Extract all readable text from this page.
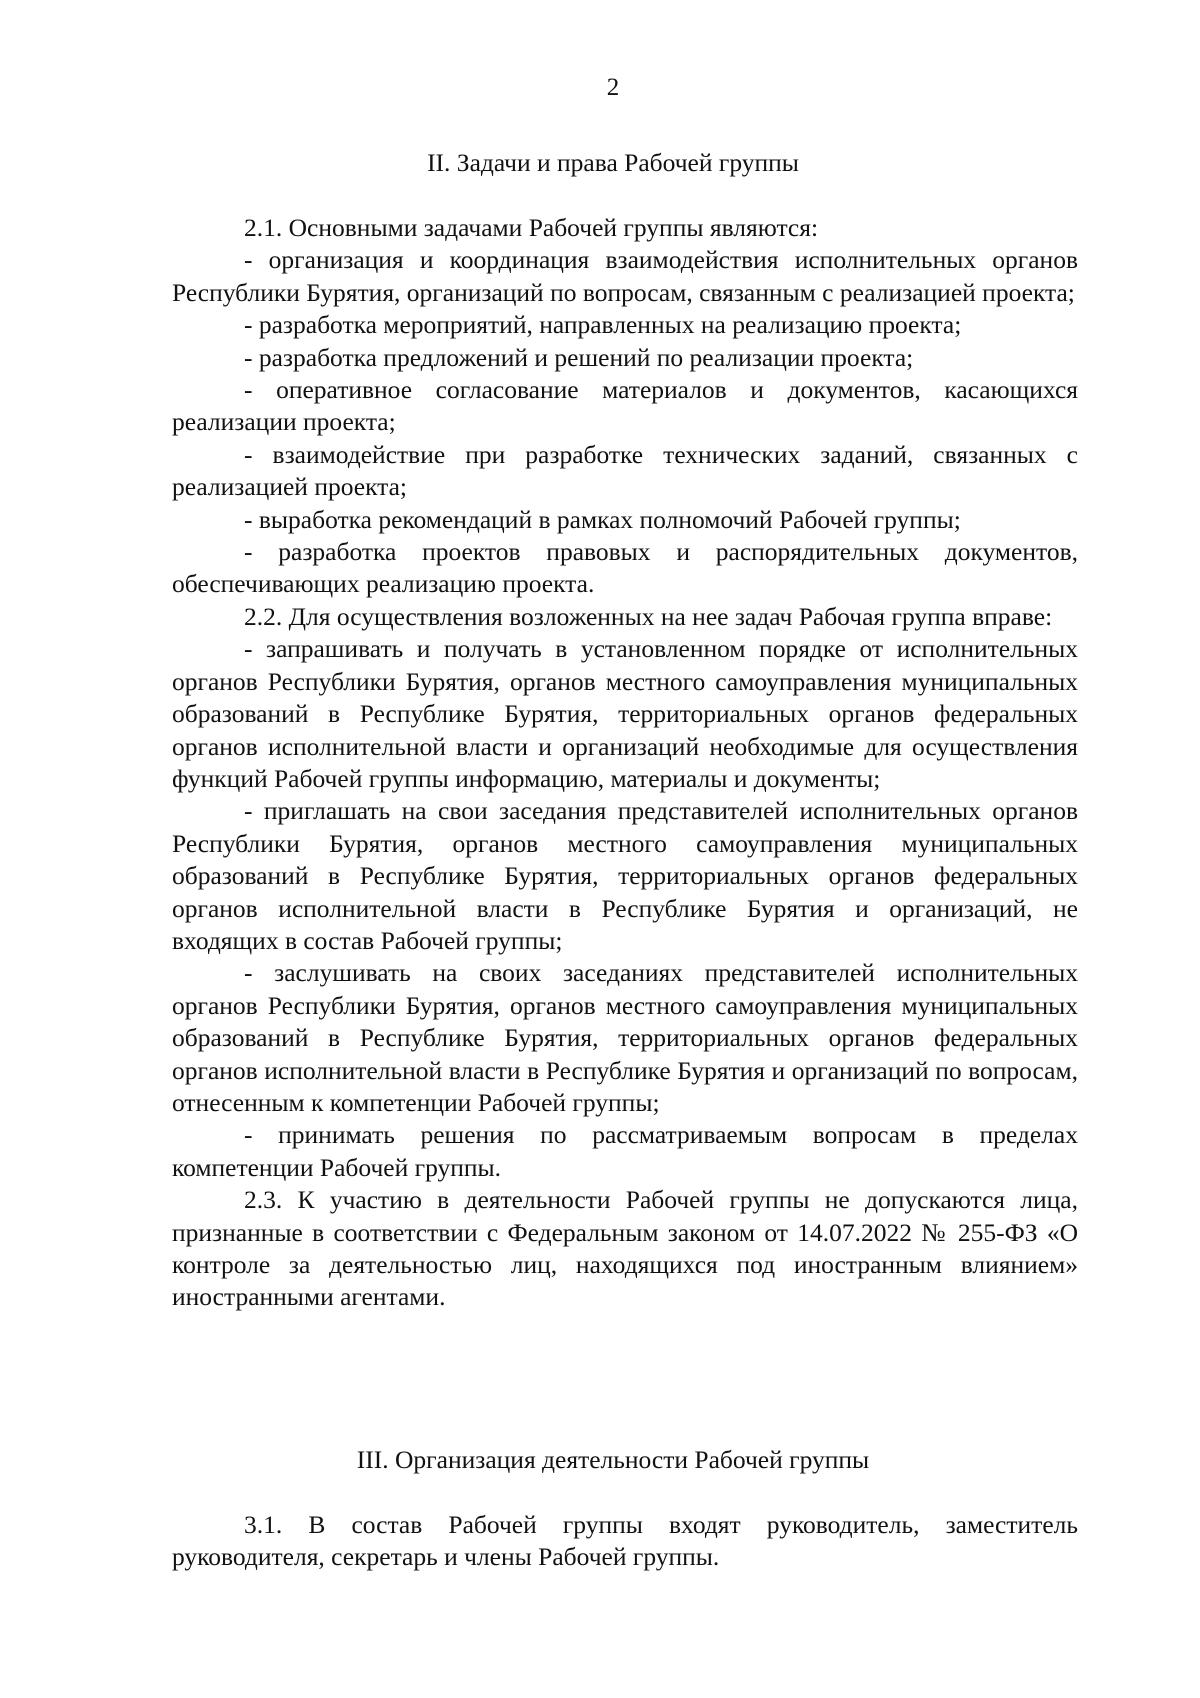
2
II. Задачи и права Рабочей группы

2.1. Основными задачами Рабочей группы являются:

- организация и координация взаимодействия исполнительных органов Республики Бурятия, организаций по вопросам, связанным с реализацией проекта;

- разработка мероприятий, направленных на реализацию проекта;

- разработка предложений и решений по реализации проекта;

- оперативное согласование материалов и документов, касающихся реализации проекта;

- взаимодействие при разработке технических заданий, связанных с реализацией проекта;

- выработка рекомендаций в рамках полномочий Рабочей группы;

- разработка проектов правовых и распорядительных документов, обеспечивающих реализацию проекта.

2.2. Для осуществления возложенных на нее задач Рабочая группа вправе:

- запрашивать и получать в установленном порядке от исполнительных органов Республики Бурятия, органов местного самоуправления муниципальных образований в Республике Бурятия, территориальных органов федеральных органов исполнительной власти и организаций необходимые для осуществления функций Рабочей группы информацию, материалы и документы;

- приглашать на свои заседания представителей исполнительных органов Республики Бурятия, органов местного самоуправления муниципальных образований в Республике Бурятия, территориальных органов федеральных органов исполнительной власти в Республике Бурятия и организаций, не входящих в состав Рабочей группы;

- заслушивать на своих заседаниях представителей исполнительных органов Республики Бурятия, органов местного самоуправления муниципальных образований в Республике Бурятия, территориальных органов федеральных органов исполнительной власти в Республике Бурятия и организаций по вопросам, отнесенным к компетенции Рабочей группы;

- принимать решения по рассматриваемым вопросам в пределах компетенции Рабочей группы.

2.3. К участию в деятельности Рабочей группы не допускаются лица, признанные в соответствии с Федеральным законом от 14.07.2022 № 255-ФЗ «О контроле за деятельностью лиц, находящихся под иностранным влиянием» иностранными агентами.

III. Организация деятельности Рабочей группы

3.1. В состав Рабочей группы входят руководитель, заместитель руководителя, секретарь и члены Рабочей группы.
